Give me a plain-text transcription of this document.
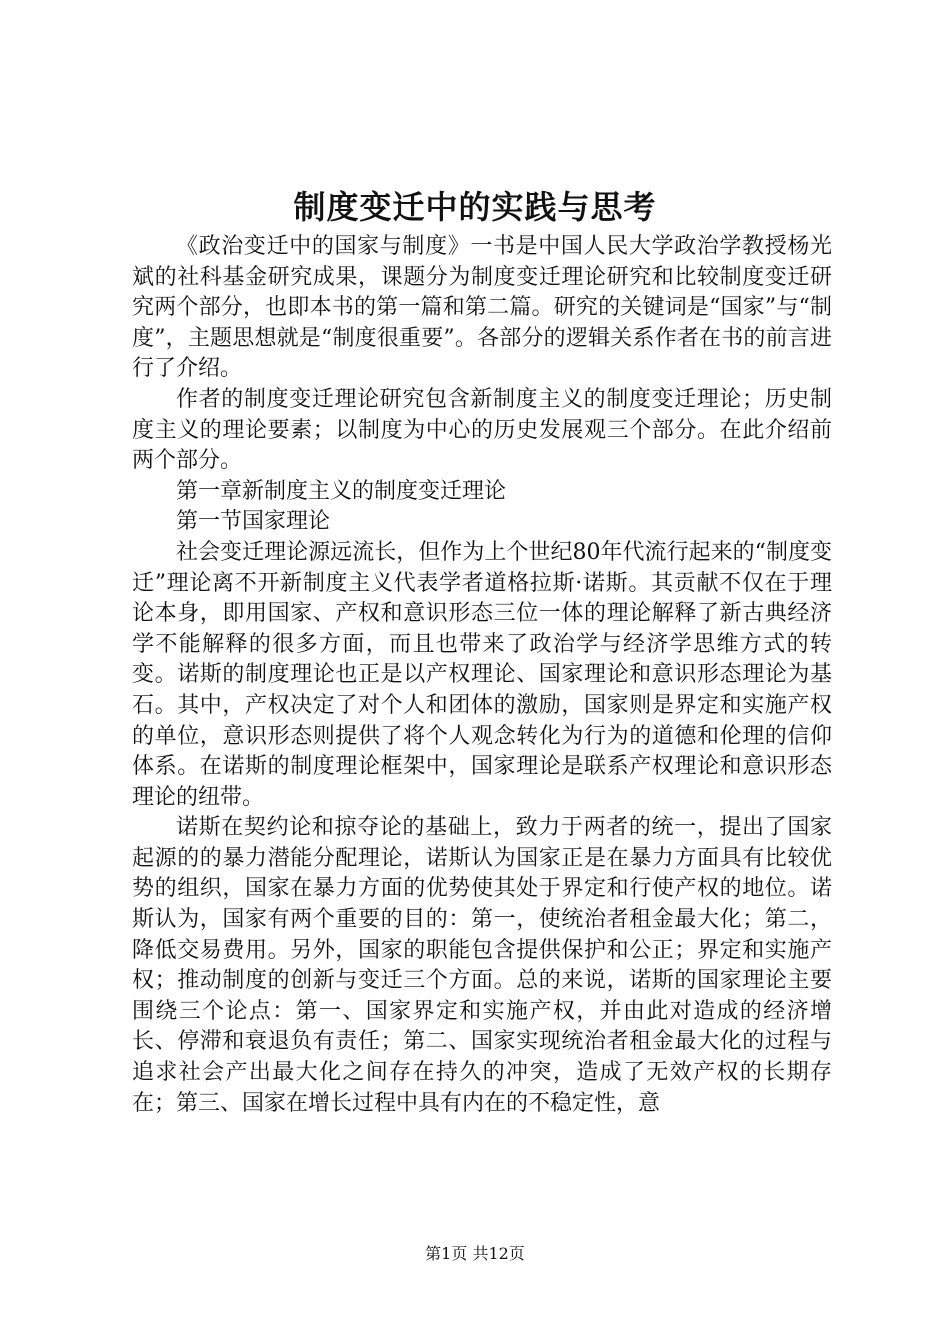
制度变迁中的实践与思考

《政治变迁中的国家与制度》一书是中国人民大学政治学教授杨光斌的社科基金研究成果，课题分为制度变迁理论研究和比较制度变迁研究两个部分，也即本书的第一篇和第二篇。研究的关键词是“国家”与“制度”，主题思想就是“制度很重要”。各部分的逻辑关系作者在书的前言进行了介绍。

作者的制度变迁理论研究包含新制度主义的制度变迁理论；历史制度主义的理论要素；以制度为中心的历史发展观三个部分。在此介绍前两个部分。

第一章新制度主义的制度变迁理论

第一节国家理论

社会变迁理论源远流长，但作为上个世纪80年代流行起来的“制度变迁”理论离不开新制度主义代表学者道格拉斯·诺斯。其贡献不仅在于理论本身，即用国家、产权和意识形态三位一体的理论解释了新古典经济学不能解释的很多方面，而且也带来了政治学与经济学思维方式的转变。诺斯的制度理论也正是以产权理论、国家理论和意识形态理论为基石。其中，产权决定了对个人和团体的激励，国家则是界定和实施产权的单位，意识形态则提供了将个人观念转化为行为的道德和伦理的信仰体系。在诺斯的制度理论框架中，国家理论是联系产权理论和意识形态理论的纽带。

诺斯在契约论和掠夺论的基础上，致力于两者的统一，提出了国家起源的的暴力潜能分配理论，诺斯认为国家正是在暴力方面具有比较优势的组织，国家在暴力方面的优势使其处于界定和行使产权的地位。诺斯认为，国家有两个重要的目的：第一，使统治者租金最大化；第二，降低交易费用。另外，国家的职能包含提供保护和公正；界定和实施产权；推动制度的创新与变迁三个方面。总的来说，诺斯的国家理论主要围绕三个论点：第一、国家界定和实施产权，并由此对造成的经济增长、停滞和衰退负有责任；第二、国家实现统治者租金最大化的过程与追求社会产出最大化之间存在持久的冲突，造成了无效产权的长期存在；第三、国家在增长过程中具有内在的不稳定性，意

第1页 共12页
